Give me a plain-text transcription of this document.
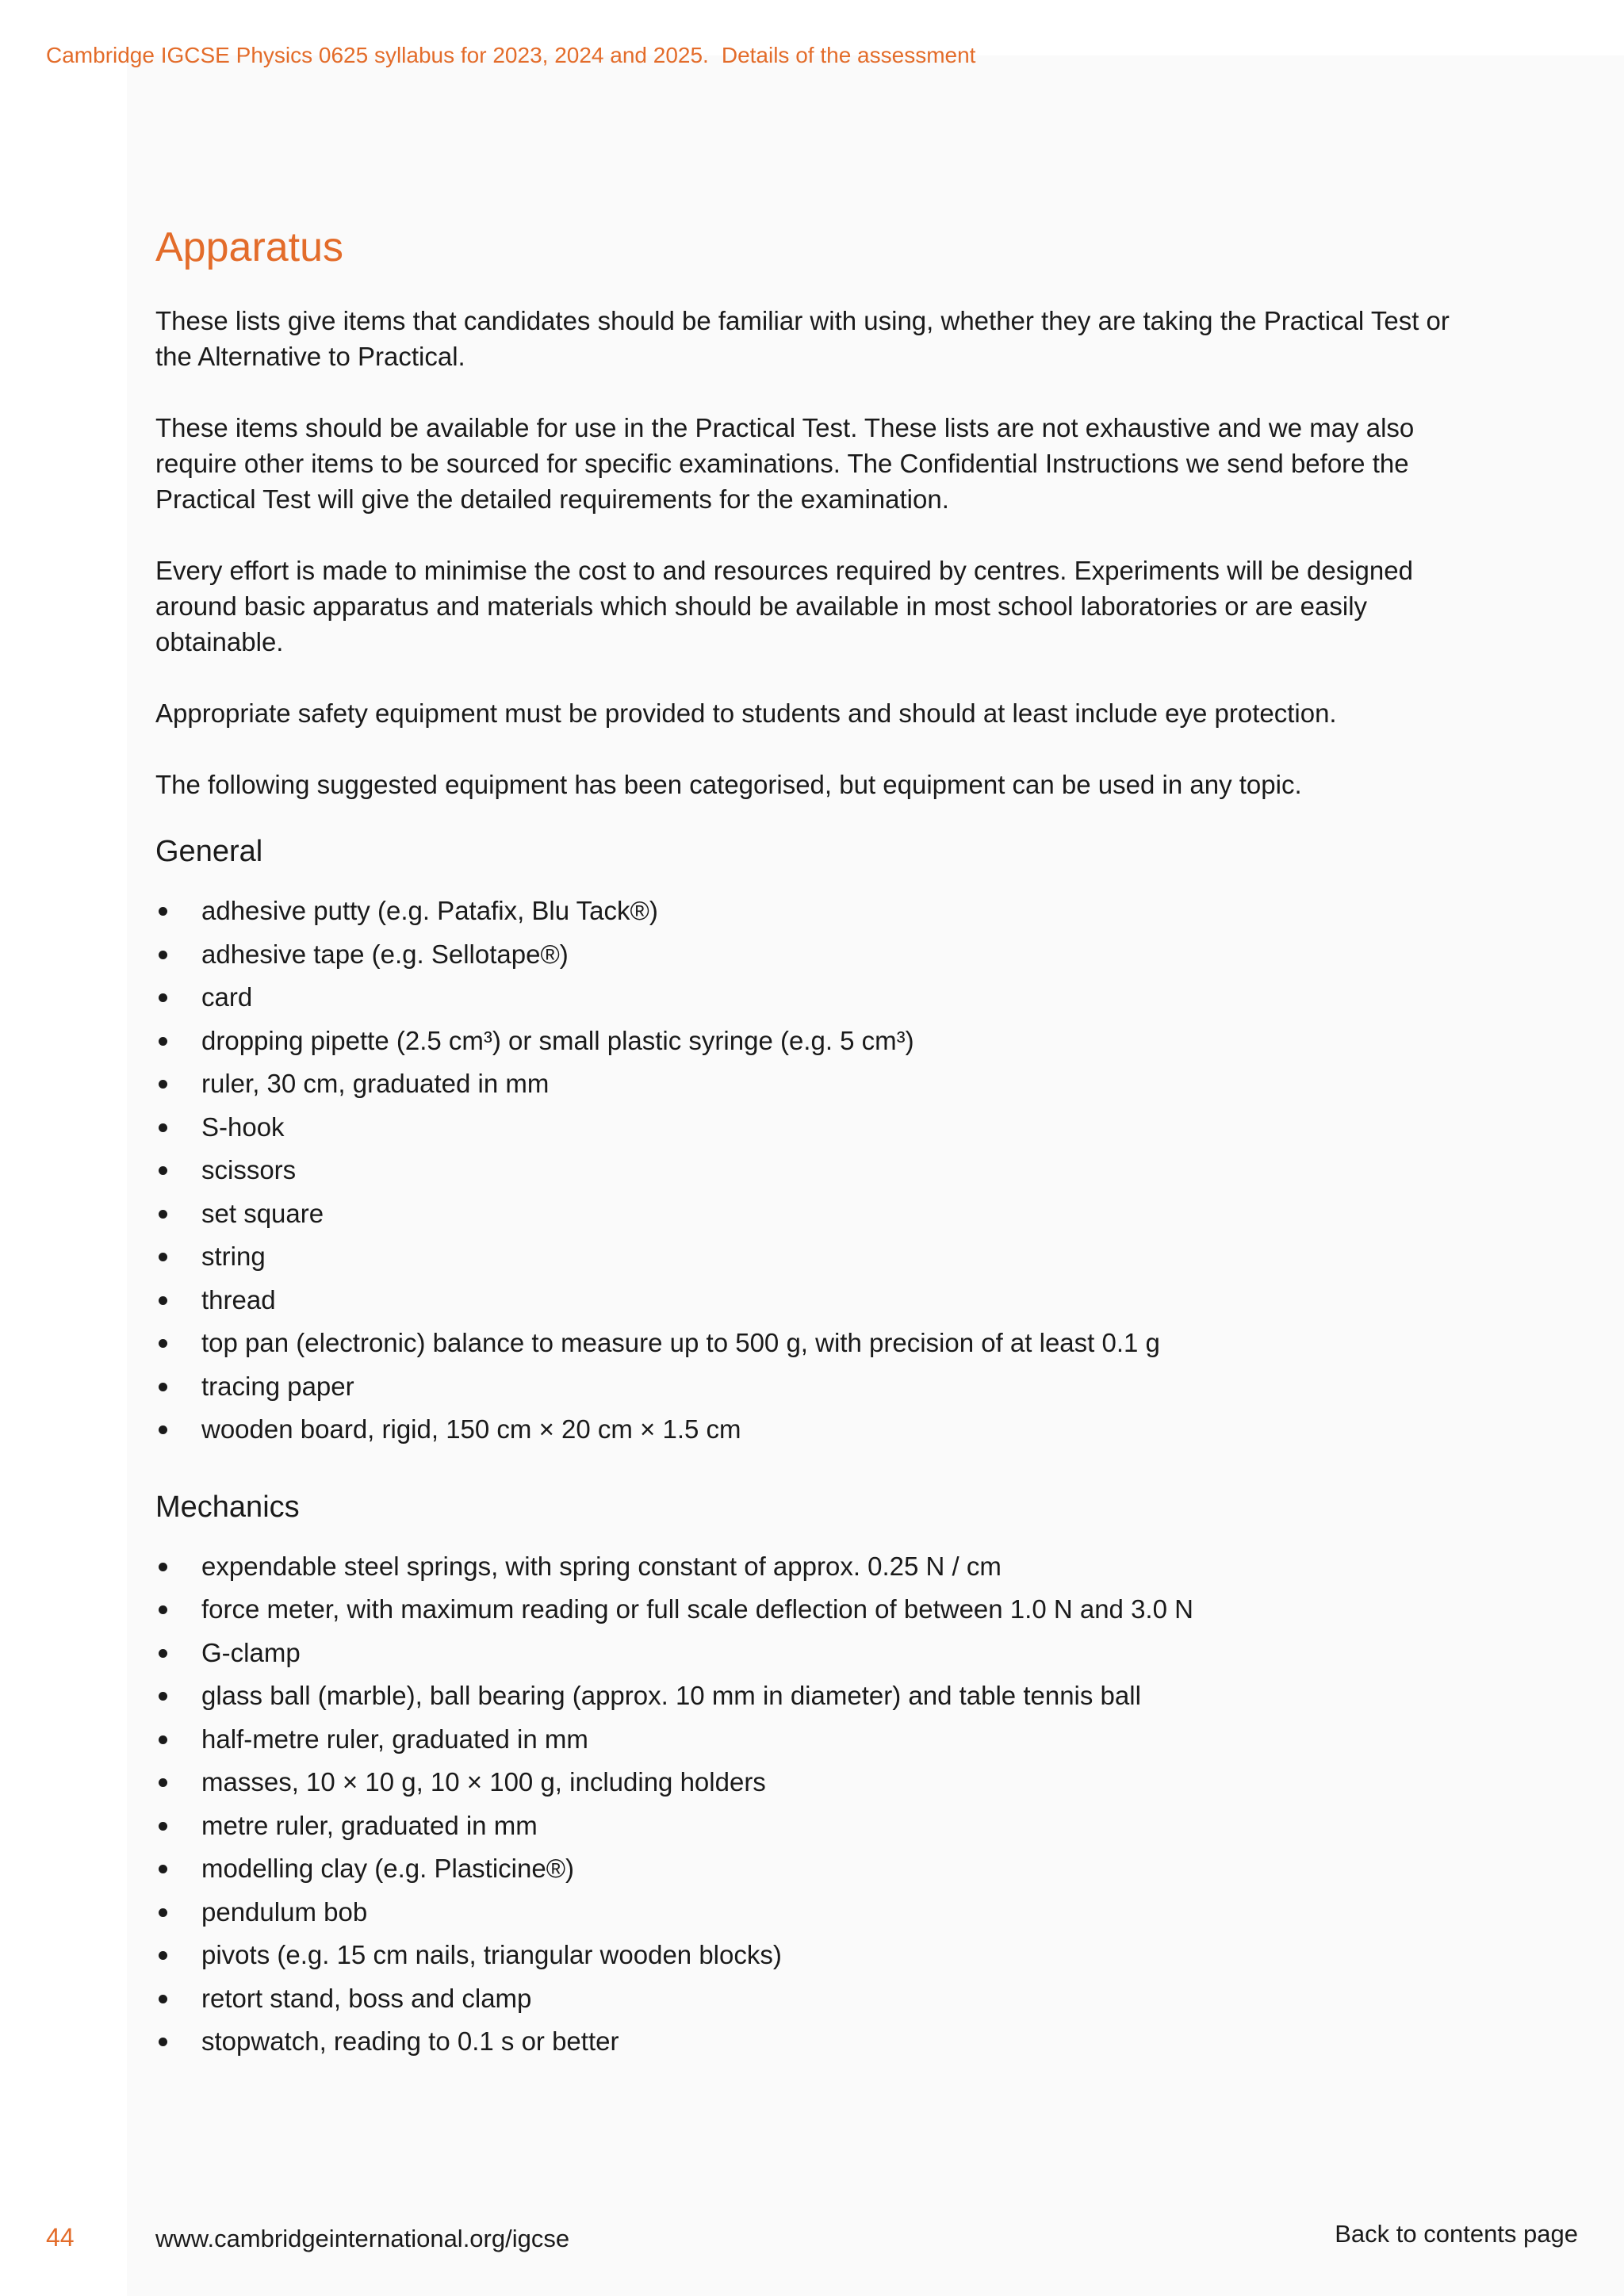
Cambridge IGCSE Physics 0625 syllabus for 2023, 2024 and 2025. Details of the assessment
Apparatus

These lists give items that candidates should be familiar with using, whether they are taking the Practical Test or the Alternative to Practical.

These items should be available for use in the Practical Test. These lists are not exhaustive and we may also require other items to be sourced for specific examinations. The Confidential Instructions we send before the Practical Test will give the detailed requirements for the examination.

Every effort is made to minimise the cost to and resources required by centres. Experiments will be designed around basic apparatus and materials which should be available in most school laboratories or are easily obtainable.

Appropriate safety equipment must be provided to students and should at least include eye protection.

The following suggested equipment has been categorised, but equipment can be used in any topic.

General
adhesive putty (e.g. Patafix, Blu Tack®)
adhesive tape (e.g. Sellotape®)
card
dropping pipette (2.5 cm³) or small plastic syringe (e.g. 5 cm³)
ruler, 30 cm, graduated in mm
S-hook
scissors
set square
string
thread
top pan (electronic) balance to measure up to 500 g, with precision of at least 0.1 g
tracing paper
wooden board, rigid, 150 cm × 20 cm × 1.5 cm
Mechanics
expendable steel springs, with spring constant of approx. 0.25 N / cm
force meter, with maximum reading or full scale deflection of between 1.0 N and 3.0 N
G-clamp
glass ball (marble), ball bearing (approx. 10 mm in diameter) and table tennis ball
half-metre ruler, graduated in mm
masses, 10 × 10 g, 10 × 100 g, including holders
metre ruler, graduated in mm
modelling clay (e.g. Plasticine®)
pendulum bob
pivots (e.g. 15 cm nails, triangular wooden blocks)
retort stand, boss and clamp
stopwatch, reading to 0.1 s or better
44	www.cambridgeinternational.org/igcse	Back to contents page
